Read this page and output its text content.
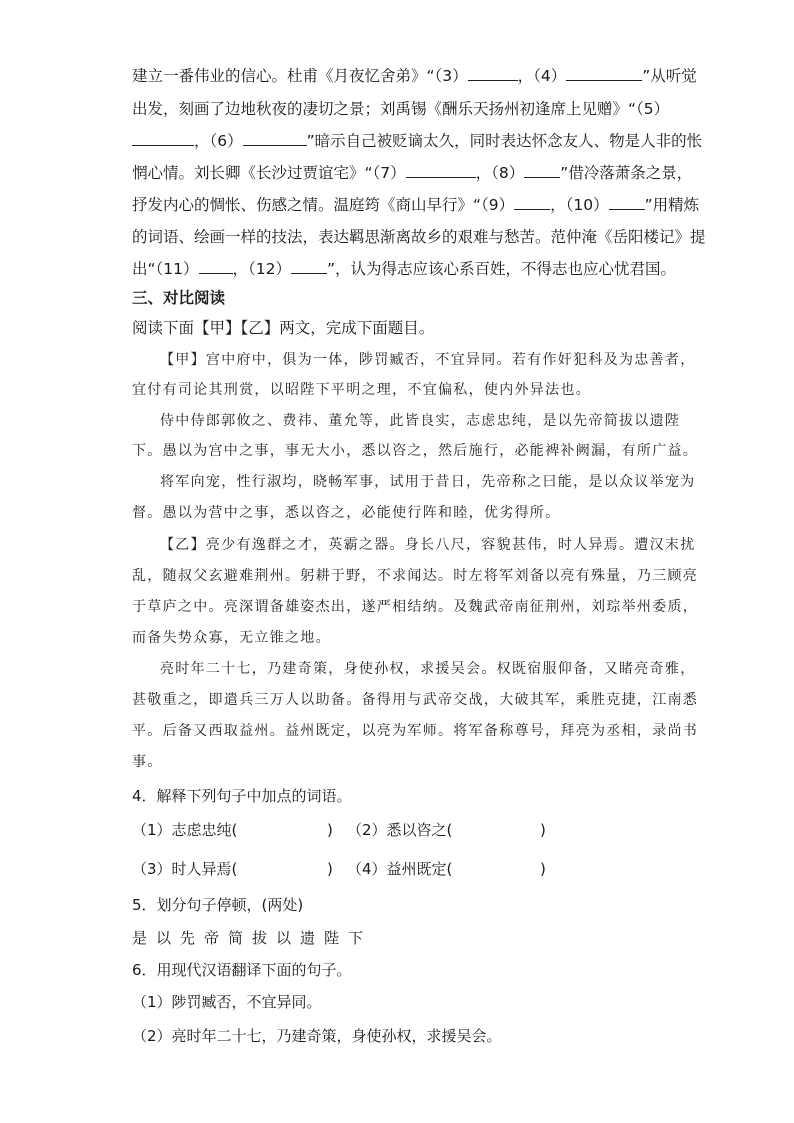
建立一番伟业的信心。杜甫《月夜忆舍弟》“（3）	，（4）	”从听觉
出发，刻画了边地秋夜的凄切之景；刘禹锡《酬乐天扬州初逢席上见赠》“（5）
，（6）	”暗示自己被贬谪太久，同时表达怀念友人、物是人非的怅
惘心情。刘长卿《长沙过贾谊宅》“（7）	，（8） ”借冷落萧条之景，
抒发内心的惆怅、伤感之情。温庭筠《商山早行》“（9） ，（10） ”用精炼
的词语、绘画一样的技法，表达羁思渐离故乡的艰难与愁苦。范仲淹《岳阳楼记》提
出“（11） ，（12） ”，认为得志应该心系百姓，不得志也应心忧君国。
三、对比阅读
阅读下面【甲】【乙】两文，完成下面题目。
【甲】宫中府中，俱为一体，陟罚臧否，不宜异同。若有作奸犯科及为忠善者，
宜付有司论其刑赏，以昭陛下平明之理，不宜偏私，使内外异法也。
侍中侍郎郭攸之、费祎、董允等，此皆良实，志虑忠纯，是以先帝简拔以遗陛
下。愚以为宫中之事，事无大小，悉以咨之，然后施行，必能裨补阙漏，有所广益。
将军向宠，性行淑均，晓畅军事，试用于昔日，先帝称之曰能，是以众议举宠为
督。愚以为营中之事，悉以咨之，必能使行阵和睦，优劣得所。
【乙】亮少有逸群之才，英霸之器。身长八尺，容貌甚伟，时人异焉。遭汉末扰
乱，随叔父玄避难荆州。躬耕于野，不求闻达。时左将军刘备以亮有殊量，乃三顾亮
于草庐之中。亮深谓备雄姿杰出，遂严相结纳。及魏武帝南征荆州，刘琮举州委质，
而备失势众寡，无立锥之地。
亮时年二十七，乃建奇策，身使孙权，求援吴会。权既宿服仰备，又睹亮奇雅，
甚敬重之，即遣兵三万人以助备。备得用与武帝交战，大破其军，乘胜克捷，江南悉
平。后备又西取益州。益州既定，以亮为军师。将军备称尊号，拜亮为丞相，录尚书
事。
4．解释下列句子中加点的词语。
（1）志虑忠纯(	) （2）悉以咨之(	)
（3）时人异焉(	) （4）益州既定(	)
5．划分句子停顿，(两处)
是以先帝简拔以遗陛下
6．用现代汉语翻译下面的句子。
（1）陟罚臧否，不宜异同。
（2）亮时年二十七，乃建奇策，身使孙权，求援吴会。
